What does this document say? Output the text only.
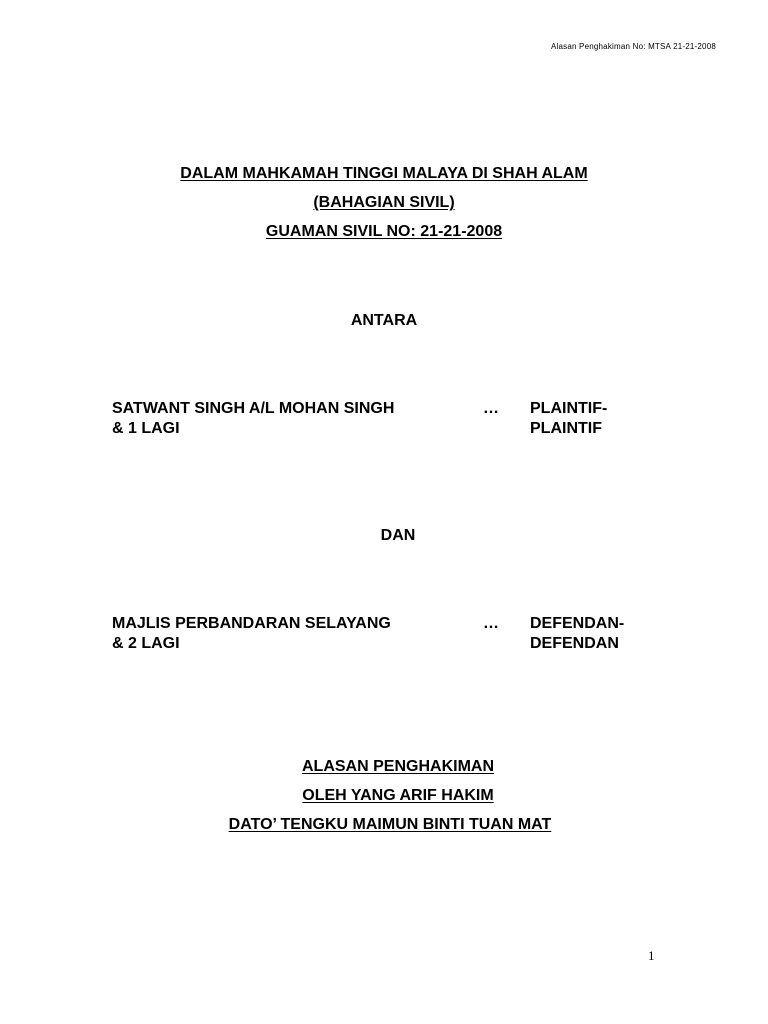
Alasan Penghakiman No: MTSA 21-21-2008
DALAM MAHKAMAH TINGGI MALAYA DI SHAH ALAM
(BAHAGIAN SIVIL)
GUAMAN SIVIL NO: 21-21-2008
ANTARA
SATWANT SINGH A/L MOHAN SINGH
& 1 LAGI
… PLAINTIF-
PLAINTIF
DAN
MAJLIS PERBANDARAN SELAYANG
& 2 LAGI
… DEFENDAN-
DEFENDAN
ALASAN PENGHAKIMAN
OLEH YANG ARIF HAKIM
DATO’ TENGKU MAIMUN BINTI TUAN MAT
1
